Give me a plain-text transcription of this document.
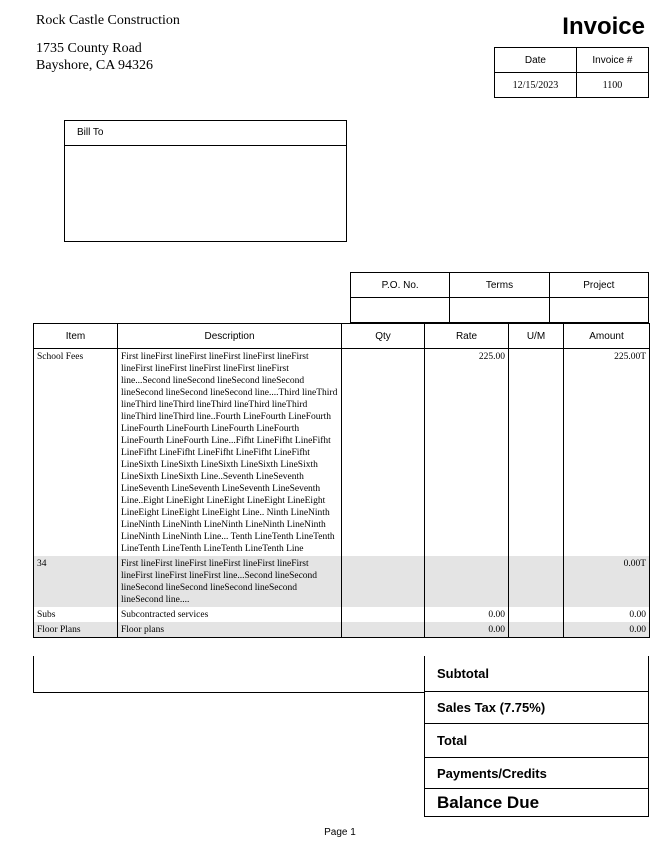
Rock Castle Construction
1735 County Road
Bayshore, CA 94326
Invoice
Date	Invoice #
12/15/2023	1100
Bill To
P.O. No.	Terms	Project

Item	Description	Qty	Rate	U/M	Amount
School Fees	First lineFirst lineFirst lineFirst lineFirst lineFirst lineFirst lineFirst lineFirst lineFirst lineFirst line...Second lineSecond lineSecond lineSecond lineSecond lineSecond lineSecond line....Third lineThird lineThird lineThird lineThird lineThird lineThird lineThird lineThird line..Fourth LineFourth LineFourth LineFourth LineFourth LineFourth LineFourth LineFourth LineFourth Line...Fifht LineFifht LineFifht LineFifht LineFifht LineFifht LineFifht LineFifht LineSixth LineSixth LineSixth LineSixth LineSixth LineSixth LineSixth Line..Seventh LineSeventh LineSeventh LineSeventh LineSeventh LineSeventh Line..Eight LineEight LineEight LineEight LineEight LineEight LineEight LineEight Line.. Ninth LineNinth LineNinth LineNinth LineNinth LineNinth LineNinth LineNinth LineNinth Line... Tenth LineTenth LineTenth LineTenth LineTenth LineTenth LineTenth Line		225.00		225.00T
34	First lineFirst lineFirst lineFirst lineFirst lineFirst lineFirst lineFirst lineFirst line...Second lineSecond lineSecond lineSecond lineSecond lineSecond lineSecond line....				0.00T
Subs	Subcontracted services		0.00		0.00
Floor Plans	Floor plans		0.00		0.00
Subtotal
Sales Tax (7.75%)
Total
Payments/Credits
Balance Due
Page 1
